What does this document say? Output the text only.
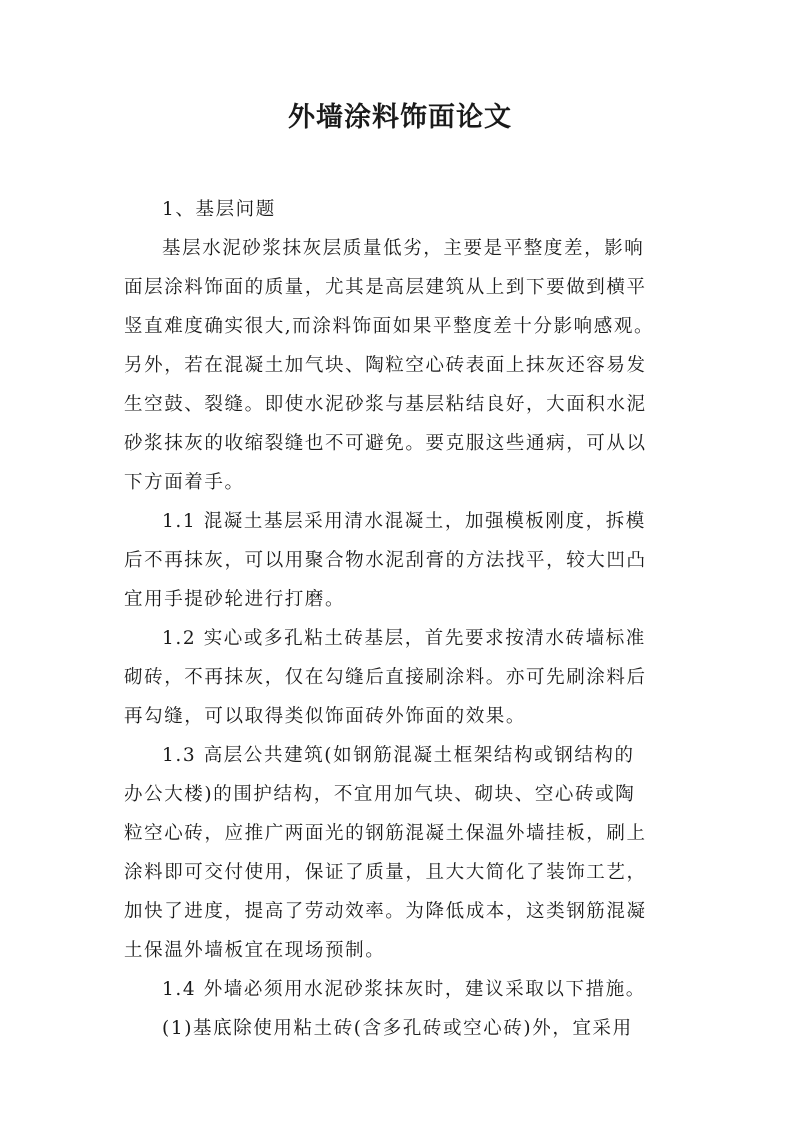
外墙涂料饰面论文
1、基层问题
基层水泥砂浆抹灰层质量低劣，主要是平整度差，影响
面层涂料饰面的质量，尤其是高层建筑从上到下要做到横平
竖直难度确实很大,而涂料饰面如果平整度差十分影响感观。
另外，若在混凝土加气块、陶粒空心砖表面上抹灰还容易发
生空鼓、裂缝。即使水泥砂浆与基层粘结良好，大面积水泥
砂浆抹灰的收缩裂缝也不可避免。要克服这些通病，可从以
下方面着手。
1.1 混凝土基层采用清水混凝土，加强模板刚度，拆模
后不再抹灰，可以用聚合物水泥刮膏的方法找平，较大凹凸
宜用手提砂轮进行打磨。
1.2 实心或多孔粘土砖基层，首先要求按清水砖墙标准
砌砖，不再抹灰，仅在勾缝后直接刷涂料。亦可先刷涂料后
再勾缝，可以取得类似饰面砖外饰面的效果。
1.3 高层公共建筑(如钢筋混凝土框架结构或钢结构的
办公大楼)的围护结构，不宜用加气块、砌块、空心砖或陶
粒空心砖，应推广两面光的钢筋混凝土保温外墙挂板，刷上
涂料即可交付使用，保证了质量，且大大简化了装饰工艺，
加快了进度，提高了劳动效率。为降低成本，这类钢筋混凝
土保温外墙板宜在现场预制。
1.4 外墙必须用水泥砂浆抹灰时，建议采取以下措施。
(1)基底除使用粘土砖(含多孔砖或空心砖)外，宜采用
